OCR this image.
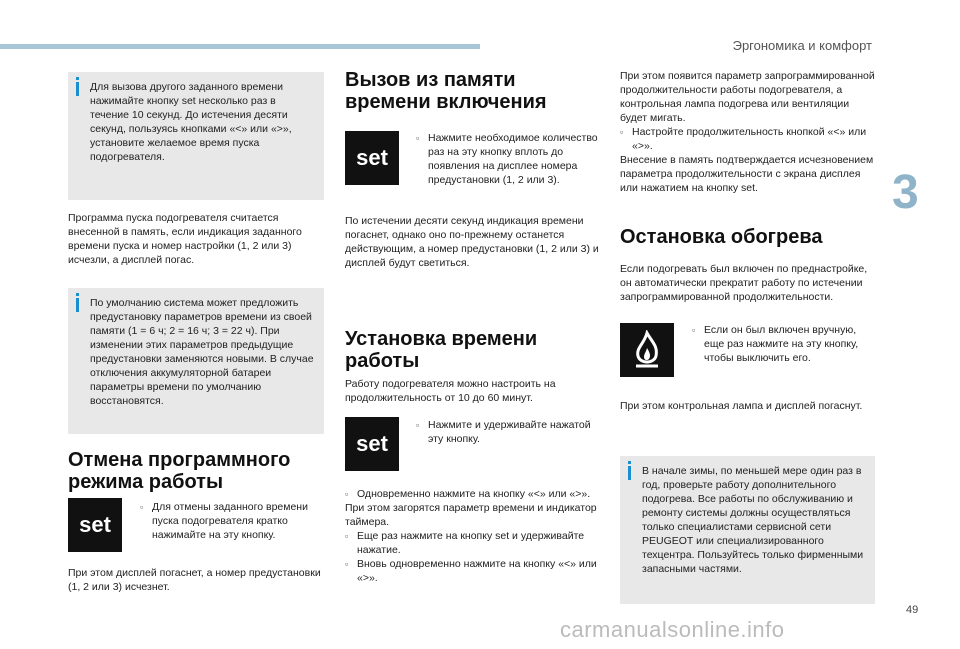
Эргономика и комфорт
3
49
carmanualsonline.info

Для вызова другого заданного времени нажимайте кнопку set несколько раз в течение 10 секунд. До истечения десяти секунд, пользуясь кнопками «<» или «>», установите желаемое время пуска подогревателя.

Программа пуска подогревателя считается внесенной в память, если индикация заданного времени пуска и номер настройки (1, 2 или 3) исчезли, а дисплей погас.

По умолчанию система может предложить предустановку параметров времени из своей памяти (1 = 6 ч; 2 = 16 ч; 3 = 22 ч). При изменении этих параметров предыдущие предустановки заменяются новыми. В случае отключения аккумуляторной батареи параметры времени по умолчанию восстановятся.

Отмена программного режима работы
set
▫ Для отмены заданного времени пуска подогревателя кратко нажимайте на эту кнопку.

При этом дисплей погаснет, а номер предустановки (1, 2 или 3) исчезнет.

Вызов из памяти времени включения
set
▫ Нажмите необходимое количество раз на эту кнопку вплоть до появления на дисплее номера предустановки (1, 2 или 3).

По истечении десяти секунд индикация времени погаснет, однако оно по-прежнему останется действующим, а номер предустановки (1, 2 или 3) и дисплей будут светиться.

Установка времени работы

Работу подогревателя можно настроить на продолжительность от 10 до 60 минут.

set
▫ Нажмите и удерживайте нажатой эту кнопку.
▫ Одновременно нажмите на кнопку «<» или «>».

При этом загорятся параметр времени и индикатор таймера.

▫ Еще раз нажмите на кнопку set и удерживайте нажатие.
▫ Вновь одновременно нажмите на кнопку «<» или «>».

При этом появится параметр запрограммированной продолжительности работы подогревателя, а контрольная лампа подогрева или вентиляции будет мигать.

▫ Настройте продолжительность кнопкой «<» или «>».

Внесение в память подтверждается исчезновением параметра продолжительности с экрана дисплея или нажатием на кнопку set.

Остановка обогрева

Если подогревать был включен по преднастройке, он автоматически прекратит работу по истечении запрограммированной продолжительности.

▫ Если он был включен вручную, еще раз нажмите на эту кнопку, чтобы выключить его.

При этом контрольная лампа и дисплей погаснут.

В начале зимы, по меньшей мере один раз в год, проверьте работу дополнительного подогрева. Все работы по обслуживанию и ремонту системы должны осуществляться только специалистами сервисной сети PEUGEOT или специализированного техцентра. Пользуйтесь только фирменными запасными частями.
